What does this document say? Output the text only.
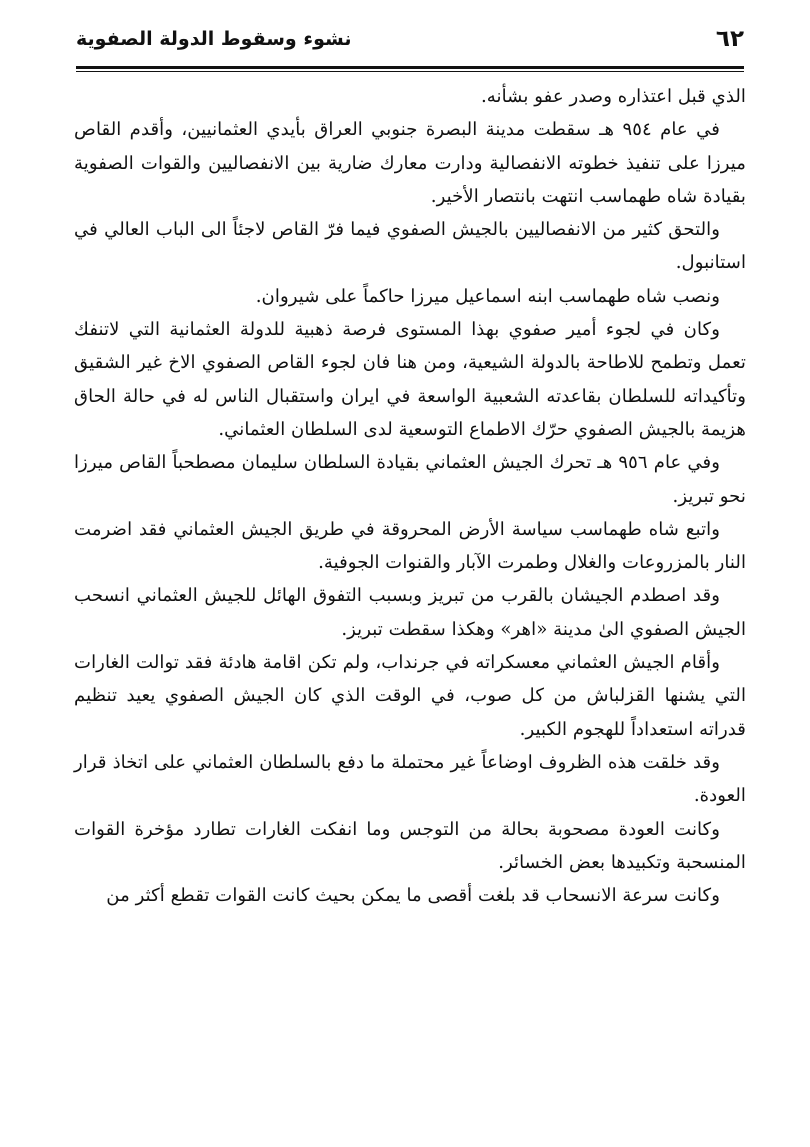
٦٢
نشوء وسقوط الدولة الصفوية

الذي قبل اعتذاره وصدر عفو بشأنه.

في عام ٩٥٤ هـ سقطت مدينة البصرة جنوبي العراق بأيدي العثمانيين، وأقدم القاص ميرزا على تنفيذ خطوته الانفصالية ودارت معارك ضارية بين الانفصاليين والقوات الصفوية بقيادة شاه طهماسب انتهت بانتصار الأخير.

والتحق كثير من الانفصاليين بالجيش الصفوي فيما فرّ القاص لاجئاً الى الباب العالي في استانبول.

ونصب شاه طهماسب ابنه اسماعيل ميرزا حاكماً على شيروان.

وكان في لجوء أمير صفوي بهذا المستوى فرصة ذهبية للدولة العثمانية التي لاتنفك تعمل وتطمح للاطاحة بالدولة الشيعية، ومن هنا فان لجوء القاص الصفوي الاخ غير الشقيق وتأكيداته للسلطان بقاعدته الشعبية الواسعة في ايران واستقبال الناس له في حالة الحاق هزيمة بالجيش الصفوي حرّك الاطماع التوسعية لدى السلطان العثماني.

وفي عام ٩٥٦ هـ تحرك الجيش العثماني بقيادة السلطان سليمان مصطحباً القاص ميرزا نحو تبريز.

واتبع شاه طهماسب سياسة الأرض المحروقة في طريق الجيش العثماني فقد اضرمت النار بالمزروعات والغلال وطمرت الآبار والقنوات الجوفية.

وقد اصطدم الجيشان بالقرب من تبريز وبسبب التفوق الهائل للجيش العثماني انسحب الجيش الصفوي الىٰ مدينة «اهر» وهكذا سقطت تبريز.

وأقام الجيش العثماني معسكراته في جرنداب، ولم تكن اقامة هادئة فقد توالت الغارات التي يشنها القزلباش من كل صوب، في الوقت الذي كان الجيش الصفوي يعيد تنظيم قدراته استعداداً للهجوم الكبير.

وقد خلقت هذه الظروف اوضاعاً غير محتملة ما دفع بالسلطان العثماني على اتخاذ قرار العودة.

وكانت العودة مصحوبة بحالة من التوجس وما انفكت الغارات تطارد مؤخرة القوات المنسحبة وتكبيدها بعض الخسائر.

وكانت سرعة الانسحاب قد بلغت أقصى ما يمكن بحيث كانت القوات تقطع أكثر من
